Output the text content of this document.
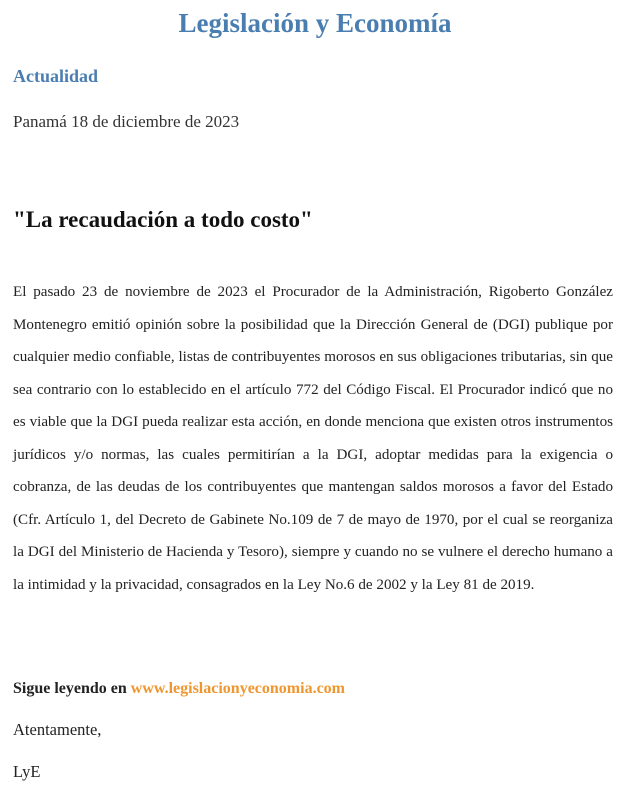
Legislación y Economía
Actualidad
Panamá 18 de diciembre de 2023
"La recaudación a todo costo"

El pasado 23 de noviembre de 2023 el Procurador de la Administración, Rigoberto González Montenegro emitió opinión sobre la posibilidad que la Dirección General de (DGI) publique por cualquier medio confiable, listas de contribuyentes morosos en sus obligaciones tributarias, sin que sea contrario con lo establecido en el artículo 772 del Código Fiscal. El Procurador indicó que no es viable que la DGI pueda realizar esta acción, en donde menciona que existen otros instrumentos jurídicos y/o normas, las cuales permitirían a la DGI, adoptar medidas para la exigencia o cobranza, de las deudas de los contribuyentes que mantengan saldos morosos a favor del Estado (Cfr. Artículo 1, del Decreto de Gabinete No.109 de 7 de mayo de 1970, por el cual se reorganiza la DGI del Ministerio de Hacienda y Tesoro), siempre y cuando no se vulnere el derecho humano a la intimidad y la privacidad, consagrados en la Ley No.6 de 2002 y la Ley 81 de 2019.

Sigue leyendo en www.legislacionyeconomia.com
Atentamente,
LyE
